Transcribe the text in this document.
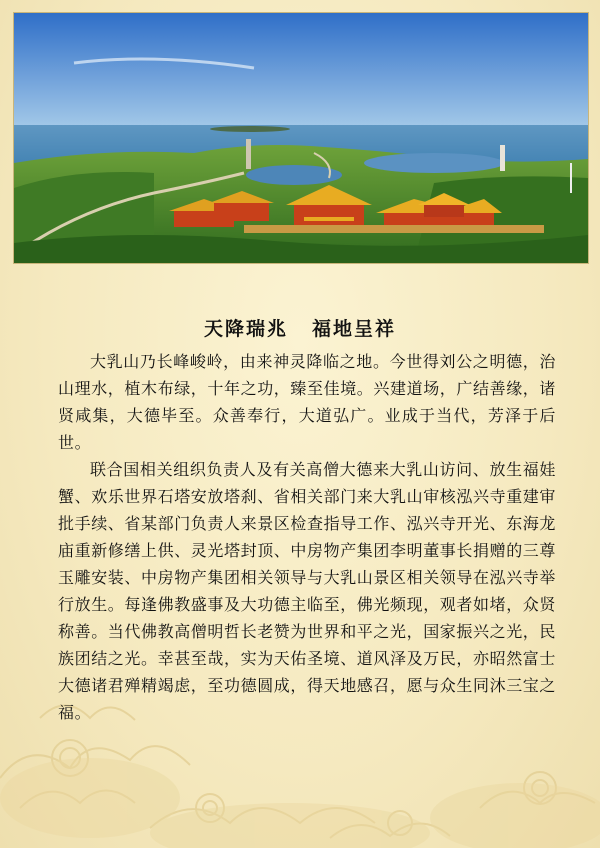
天降瑞兆 福地呈祥

大乳山乃长峰峻岭，由来神灵降临之地。今世得刘公之明德，治山理水，植木布绿，十年之功，臻至佳境。兴建道场，广结善缘，诸贤咸集，大德毕至。众善奉行，大道弘广。业成于当代，芳泽于后世。

联合国相关组织负责人及有关高僧大德来大乳山访问、放生福娃蟹、欢乐世界石塔安放塔刹、省相关部门来大乳山审核泓兴寺重建审批手续、省某部门负责人来景区检查指导工作、泓兴寺开光、东海龙庙重新修缮上供、灵光塔封顶、中房物产集团李明董事长捐赠的三尊玉雕安装、中房物产集团相关领导与大乳山景区相关领导在泓兴寺举行放生。每逢佛教盛事及大功德主临至，佛光频现，观者如堵，众贤称善。当代佛教高僧明哲长老赞为世界和平之光，国家振兴之光，民族团结之光。幸甚至哉，实为天佑圣境、道风泽及万民，亦昭然富士大德诸君殚精竭虑，至功德圆成，得天地感召，愿与众生同沐三宝之福。
